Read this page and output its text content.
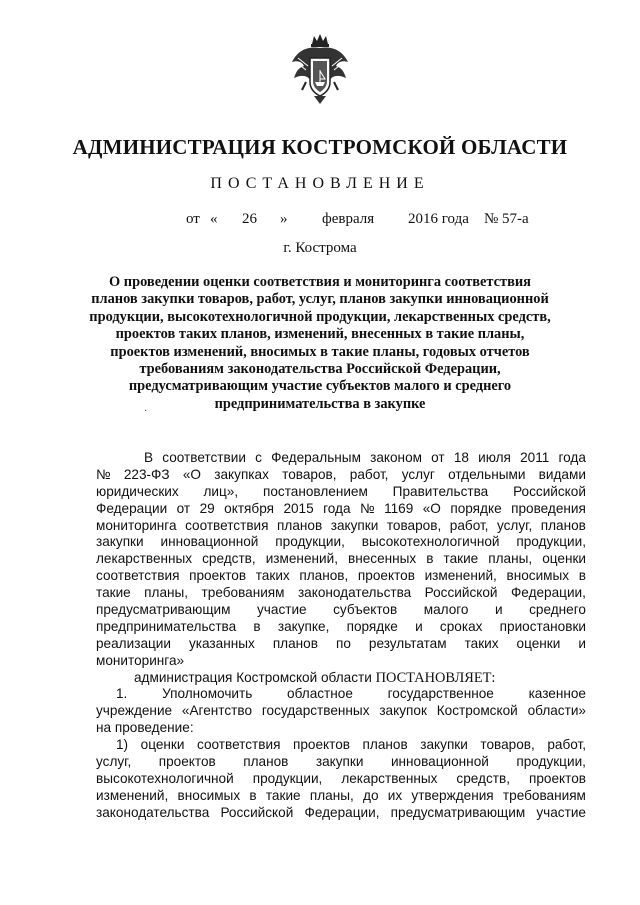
АДМИНИСТРАЦИЯ КОСТРОМСКОЙ ОБЛАСТИ
ПОСТАНОВЛЕНИЕ
от « 26 » февраля 2016 года № 57-а
г. Кострома
О проведении оценки соответствия и мониторинга соответствия
планов закупки товаров, работ, услуг, планов закупки инновационной
продукции, высокотехнологичной продукции, лекарственных средств,
проектов таких планов, изменений, внесенных в такие планы,
проектов изменений, вносимых в такие планы, годовых отчетов
требованиям законодательства Российской Федерации,
предусматривающим участие субъектов малого и среднего
предпринимательства в закупке
·
В соответствии с Федеральным законом от 18 июля 2011 года
№ 223-ФЗ «О закупках товаров, работ, услуг отдельными видами
юридических лиц», постановлением Правительства Российской
Федерации от 29 октября 2015 года № 1169 «О порядке проведения
мониторинга соответствия планов закупки товаров, работ, услуг, планов
закупки инновационной продукции, высокотехнологичной продукции,
лекарственных средств, изменений, внесенных в такие планы, оценки
соответствия проектов таких планов, проектов изменений, вносимых в
такие планы, требованиям законодательства Российской Федерации,
предусматривающим участие субъектов малого и среднего
предпринимательства в закупке, порядке и сроках приостановки
реализации указанных планов по результатам таких оценки и
мониторинга»
администрация Костромской области ПОСТАНОВЛЯЕТ:
1.	Уполномочить	областное	государственное	казенное
учреждение «Агентство государственных закупок Костромской области»
на проведение:
1) оценки соответствия проектов планов закупки товаров, работ,
услуг, проектов планов закупки инновационной продукции,
высокотехнологичной продукции, лекарственных средств, проектов
изменений, вносимых в такие планы, до их утверждения требованиям
законодательства Российской Федерации, предусматривающим участие
